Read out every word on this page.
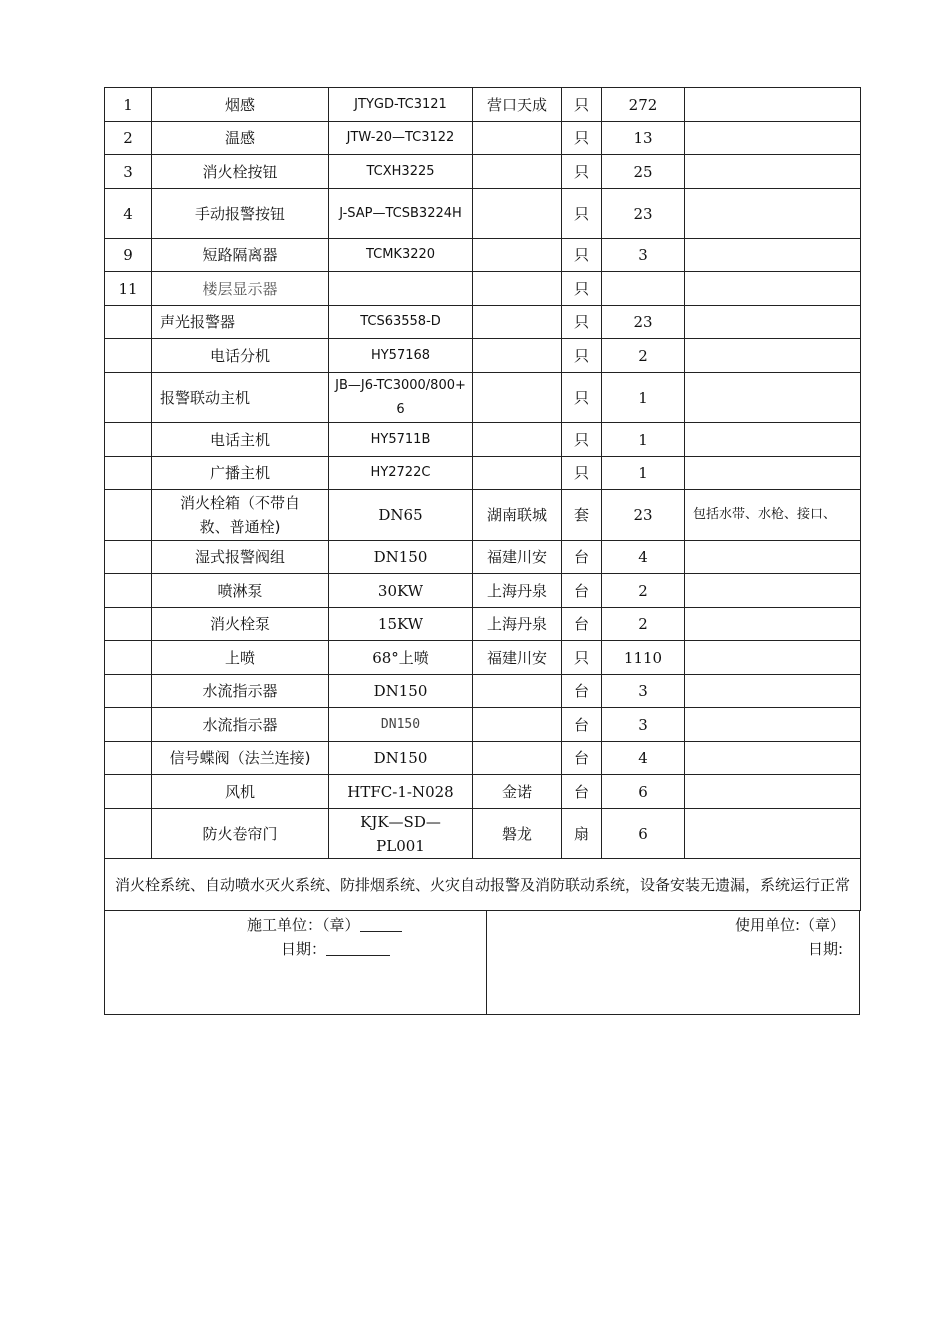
1	烟感	JTYGD-TC3121	营口天成	只	272	
2	温感	JTW-20—TC3122		只	13	
3	消火栓按钮	TCXH3225		只	25	
4	手动报警按钮	J-SAP—TCSB3224H		只	23	
9	短路隔离器	TCMK3220		只	3	
11	楼层显示器			只		
	声光报警器	TCS63558-D		只	23	
	电话分机	HY57168		只	2	
	报警联动主机	JB—J6-TC3000/800+6		只	1	
	电话主机	HY5711B		只	1	
	广播主机	HY2722C		只	1	
	消火栓箱（不带自救、普通栓)	DN65	湖南联城	套	23	包括水带、水枪、接口、
	湿式报警阀组	DN150	福建川安	台	4	
	喷淋泵	30KW	上海丹泉	台	2	
	消火栓泵	15KW	上海丹泉	台	2	
	上喷	68°上喷	福建川安	只	1110	
	水流指示器	DN150		台	3	
	水流指示器	DN150		台	3	
	信号蝶阀（法兰连接)	DN150		台	4	
	风机	HTFC-1-N028	金诺	台	6	
	防火卷帘门	KJK—SD—PL001	磐龙	扇	6	
消火栓系统、自动喷水灭火系统、防排烟系统、火灾自动报警及消防联动系统，设备安装无遗漏，系统运行正常						
施工单位：（章）
日期：
使用单位:（章）
日期:
